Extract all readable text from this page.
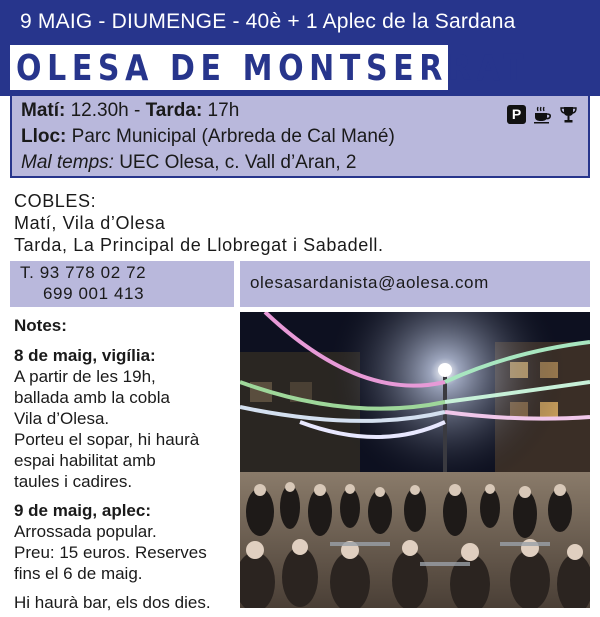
9 MAIG - DIUMENGE - 40è + 1 Aplec de la Sardana
OLESA DE MONTSERRAT
Matí: 12.30h - Tarda: 17h
Lloc: Parc Municipal (Arbreda de Cal Mané)
Mal temps: UEC Olesa, c. Vall d’Aran, 2
P
COBLES:
Matí, Vila d’Olesa
Tarda, La Principal de Llobregat i Sabadell.
T. 93 778 02 72
699 001 413
olesasardanista@aolesa.com
Notes:
8 de maig, vigília:
A partir de les 19h,
ballada amb la cobla
Vila d’Olesa.
Porteu el sopar, hi haurà
espai habilitat amb
taules i cadires.
9 de maig, aplec:
Arrossada popular.
Preu: 15 euros. Reserves
fins el 6 de maig.
Hi haurà bar, els dos dies.
